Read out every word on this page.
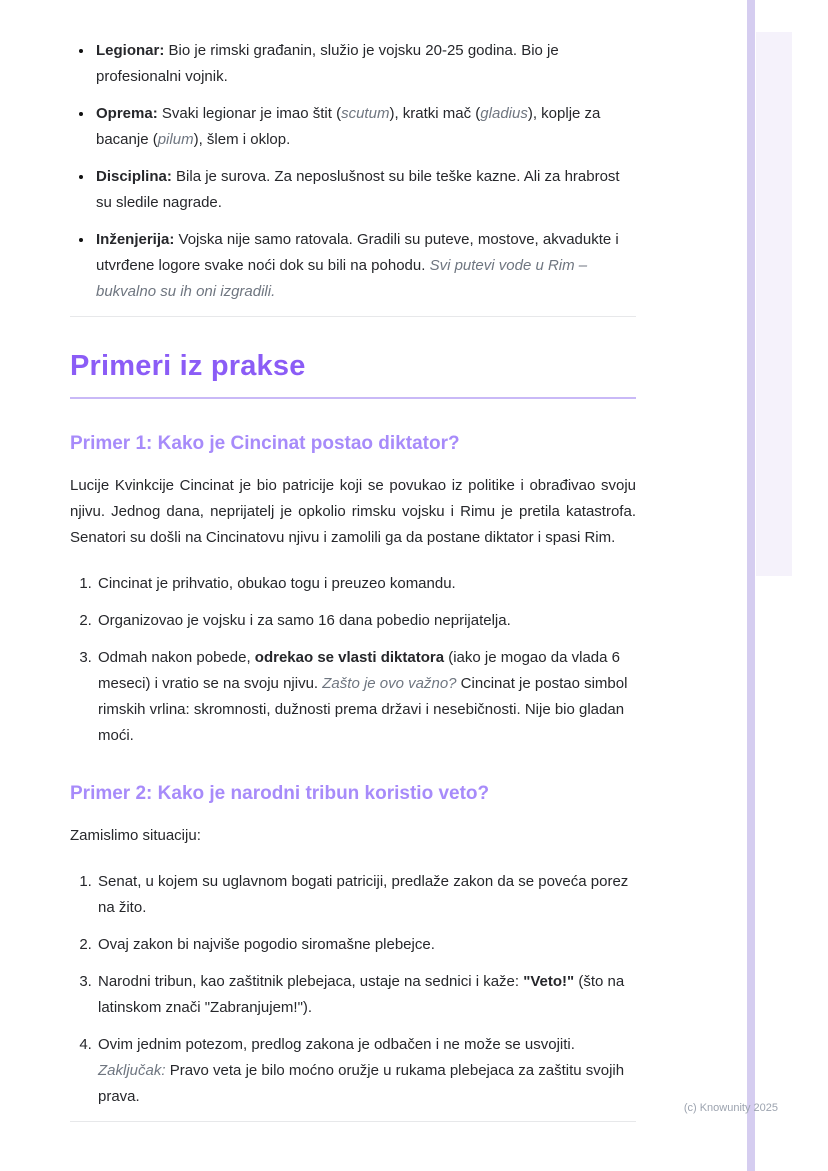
• Legionar: Bio je rimski građanin, služio je vojsku 20-25 godina. Bio je profesionalni vojnik.
• Oprema: Svaki legionar je imao štit (scutum), kratki mač (gladius), koplje za bacanje (pilum), šlem i oklop.
• Disciplina: Bila je surova. Za neposlušnost su bile teške kazne. Ali za hrabrost su sledile nagrade.
• Inženjerija: Vojska nije samo ratovala. Gradili su puteve, mostove, akvadukte i utvrđene logore svake noći dok su bili na pohodu. Svi putevi vode u Rim – bukvalno su ih oni izgradili.
Primeri iz prakse
Primer 1: Kako je Cincinat postao diktator?

Lucije Kvinkcije Cincinat je bio patricije koji se povukao iz politike i obrađivao svoju njivu. Jednog dana, neprijatelj je opkolio rimsku vojsku i Rimu je pretila katastrofa. Senatori su došli na Cincinatovu njivu i zamolili ga da postane diktator i spasi Rim.

1. Cincinat je prihvatio, obukao togu i preuzeo komandu.
2. Organizovao je vojsku i za samo 16 dana pobedio neprijatelja.
3. Odmah nakon pobede, odrekao se vlasti diktatora (iako je mogao da vlada 6 meseci) i vratio se na svoju njivu. Zašto je ovo važno? Cincinat je postao simbol rimskih vrlina: skromnosti, dužnosti prema državi i nesebičnosti. Nije bio gladan moći.
Primer 2: Kako je narodni tribun koristio veto?

Zamislimo situaciju:

1. Senat, u kojem su uglavnom bogati patriciji, predlaže zakon da se poveća porez na žito.
2. Ovaj zakon bi najviše pogodio siromašne plebejce.
3. Narodni tribun, kao zaštitnik plebejaca, ustaje na sednici i kaže: "Veto!" (što na latinskom znači "Zabranjujem!").
4. Ovim jednim potezom, predlog zakona je odbačen i ne može se usvojiti. Zaključak: Pravo veta je bilo moćno oružje u rukama plebejaca za zaštitu svojih prava.
(c) Knowunity 2025
